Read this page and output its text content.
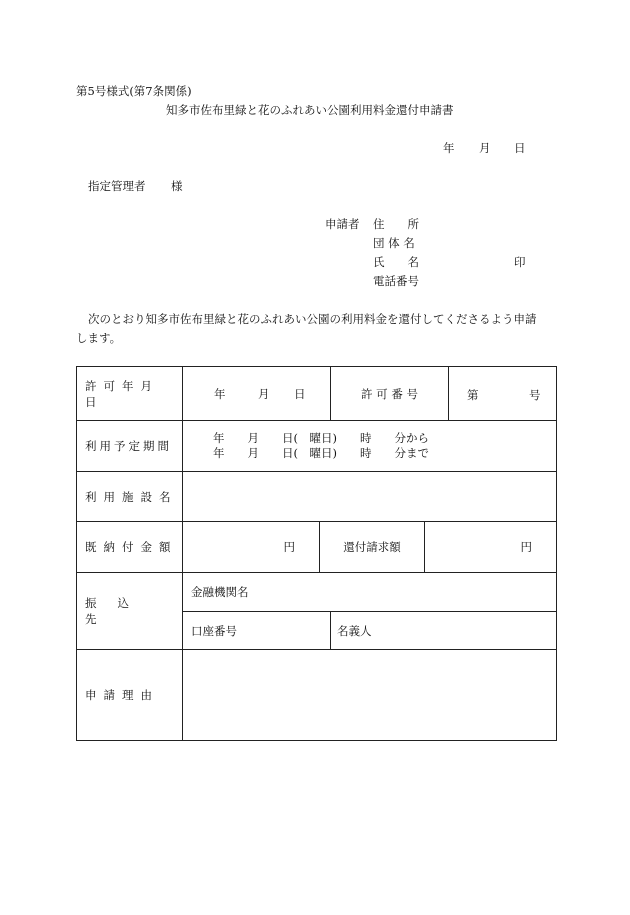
第5号様式(第7条関係)
知多市佐布里緑と花のふれあい公園利用料金還付申請書
年 月 日
指定管理者 様
申請者 住　　所
団 体 名
氏　　名	印
電話番号
次のとおり知多市佐布里緑と花のふれあい公園の利用料金を還付してくださるよう申請
します。
許可年月日	年 月 日		許 可 番 号		第 号

利用予定期間	年　　月　　日(　曜日)　　時　　分から
年　　月　　日(　曜日)　　時　　分まで				

利用施設名					

既納付金額	円	還付請求額		円	

振込先	金融機関名				

	口座番号		名義人		

申請理由					
